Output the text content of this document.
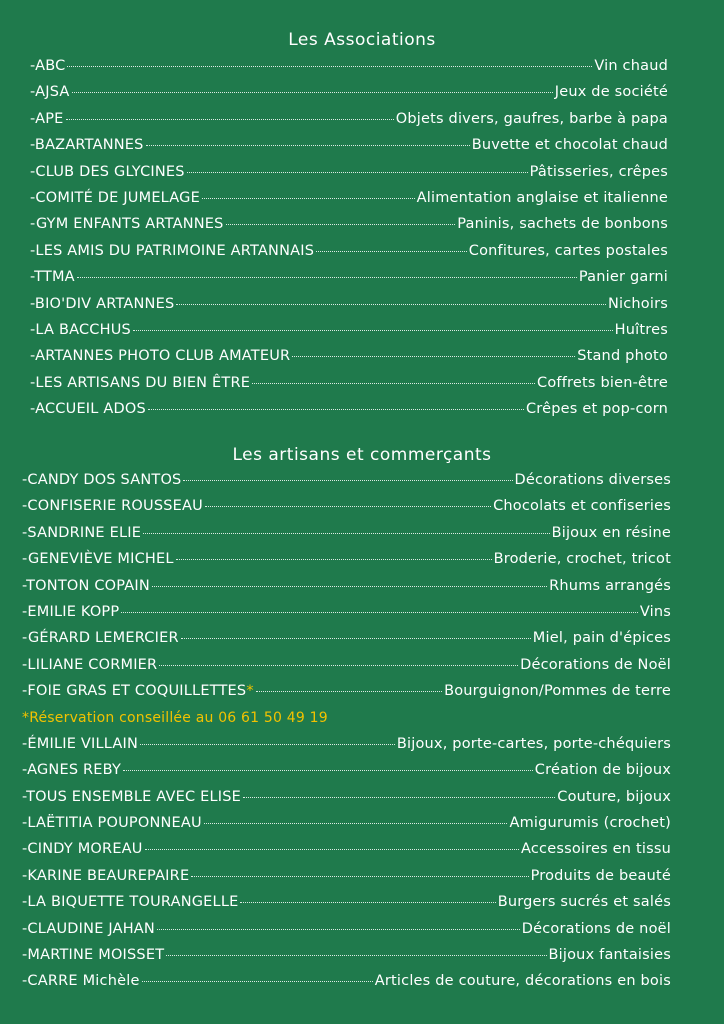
Les Associations
-ABC	Vin chaud
-AJSA	Jeux de société
-APE	Objets divers, gaufres, barbe à papa
-BAZARTANNES	Buvette et chocolat chaud
-CLUB DES GLYCINES	Pâtisseries, crêpes
-COMITÉ DE JUMELAGE	Alimentation anglaise et italienne
-GYM ENFANTS ARTANNES	Paninis, sachets de bonbons
-LES AMIS DU PATRIMOINE ARTANNAIS	Confitures, cartes postales
-TTMA	Panier garni
-BIO'DIV ARTANNES	Nichoirs
-LA BACCHUS	Huîtres
-ARTANNES PHOTO CLUB AMATEUR	Stand photo
-LES ARTISANS DU BIEN ÊTRE	Coffrets bien-être
-ACCUEIL ADOS	Crêpes et pop-corn
Les artisans et commerçants
-CANDY DOS SANTOS	Décorations diverses
-CONFISERIE ROUSSEAU	Chocolats et confiseries
-SANDRINE ELIE	Bijoux en résine
-GENEVIÈVE MICHEL	Broderie, crochet, tricot
-TONTON COPAIN	Rhums arrangés
-EMILIE KOPP	Vins
-GÉRARD LEMERCIER	Miel, pain d'épices
-LILIANE CORMIER	Décorations de Noël
-FOIE GRAS ET COQUILLETTES *	Bourguignon/Pommes de terre
*Réservation conseillée au 06 61 50 49 19
-ÉMILIE VILLAIN	Bijoux, porte-cartes, porte-chéquiers
-AGNES REBY	Création de bijoux
-TOUS ENSEMBLE AVEC ELISE	Couture, bijoux
-LAËTITIA POUPONNEAU	Amigurumis (crochet)
-CINDY MOREAU	Accessoires en tissu
-KARINE BEAUREPAIRE	Produits de beauté
-LA BIQUETTE TOURANGELLE	Burgers sucrés et salés
-CLAUDINE JAHAN	Décorations de noël
-MARTINE MOISSET	Bijoux fantaisies
-CARRE Michèle	Articles de couture, décorations en bois
